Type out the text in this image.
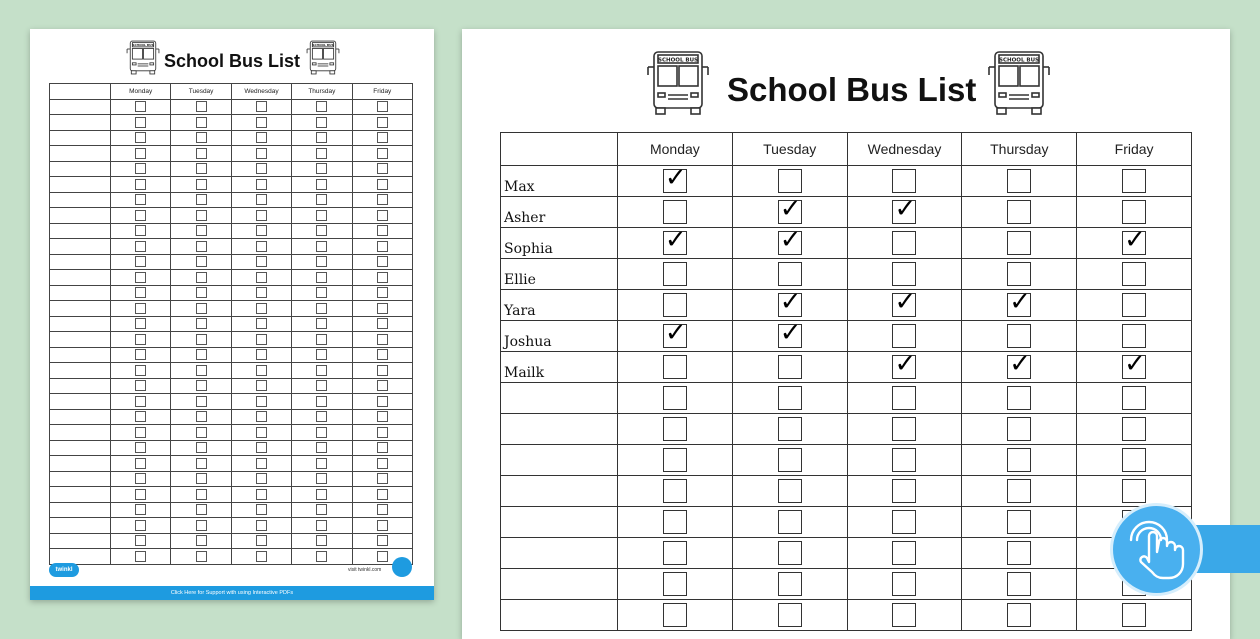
SCHOOL BUS
School Bus List
SCHOOL BUS
	Monday	Tuesday	Wednesday	Thursday	Friday

twinkl	visit twinkl.com
Click Here for Support with using Interactive PDFs
SCHOOL BUS
School Bus List
SCHOOL BUS
	Monday	Tuesday	Wednesday	Thursday	Friday
Max	✓				
Asher		✓	✓		
Sophia	✓	✓			✓
Ellie					
Yara		✓	✓	✓	
Joshua	✓	✓			
Mailk			✓	✓	✓
